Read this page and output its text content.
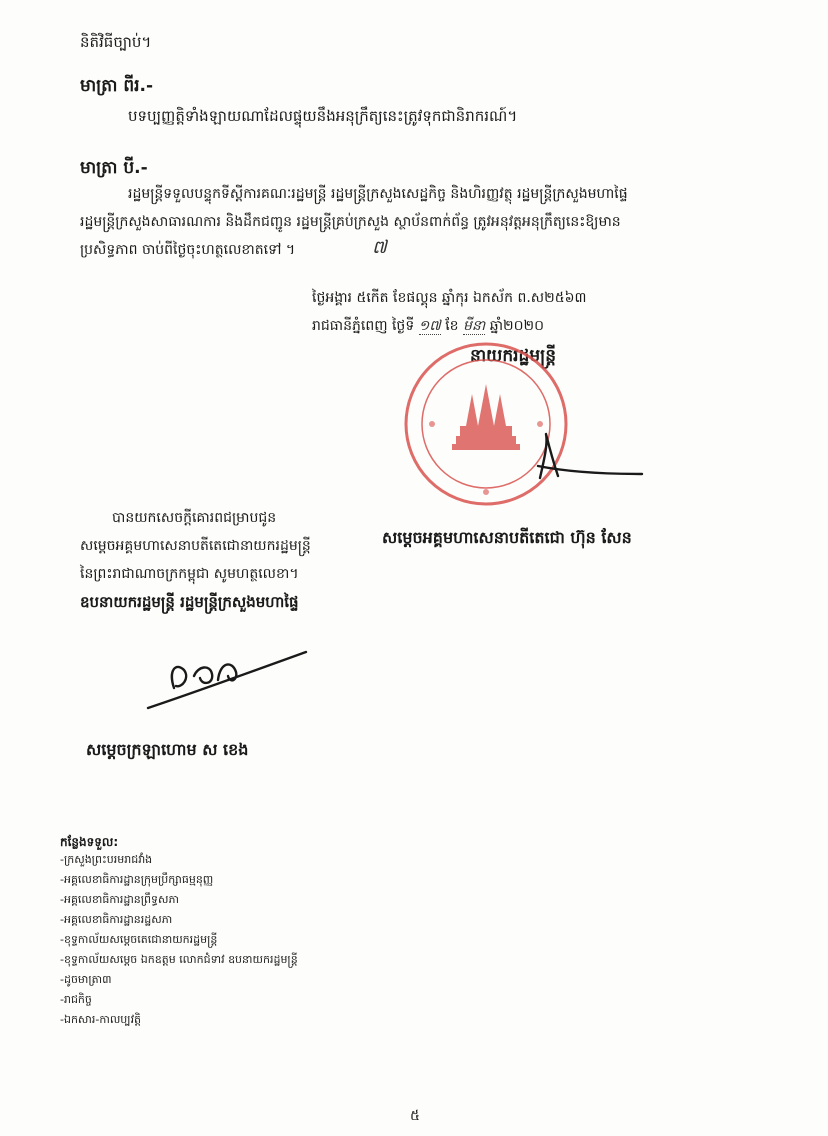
និតិវិធីច្បាប់។
មាត្រា ពីរ.-
បទប្បញ្ញត្តិទាំងឡាយណាដែលផ្ទុយនឹងអនុក្រឹត្យនេះត្រូវទុកជានិរាករណ៍។
មាត្រា បី.-
រដ្ឋមន្ត្រីទទួលបន្ទុកទីស្ដីការគណៈរដ្ឋមន្ត្រី រដ្ឋមន្ត្រីក្រសួងសេដ្ឋកិច្ច និងហិរញ្ញវត្ថុ រដ្ឋមន្ត្រីក្រសួងមហាផ្ទៃ
រដ្ឋមន្ត្រីក្រសួងសាធារណការ និងដឹកជញ្ជូន រដ្ឋមន្ត្រីគ្រប់ក្រសួង ស្ថាប័នពាក់ព័ន្ធ ត្រូវអនុវត្តអនុក្រឹត្យនេះឱ្យមាន
ប្រសិទ្ធភាព ចាប់ពីថ្ងៃចុះហត្ថលេខាតទៅ ។	៧
ថ្ងៃអង្គារ ៥កើត ខែផល្គុន ឆ្នាំកុរ ឯកស័ក ព.ស២៥៦៣
រាជធានីភ្នំពេញ ថ្ងៃទី ១៧ ខែ មីនា ឆ្នាំ២០២០
នាយករដ្ឋមន្ត្រី
សម្ដេចអគ្គមហាសេនាបតីតេជោ ហ៊ុន សែន
បានយកសេចក្ដីគោរពជម្រាបជូន
សម្ដេចអគ្គមហាសេនាបតីតេជោនាយករដ្ឋមន្ត្រី
នៃព្រះរាជាណាចក្រកម្ពុជា សូមហត្ថលេខា។
ឧបនាយករដ្ឋមន្ត្រី រដ្ឋមន្ត្រីក្រសួងមហាផ្ទៃ
សម្ដេចក្រឡាហោម ស ខេង
កន្លែងទទួល:
-ក្រសួងព្រះបរមរាជវាំង
-អគ្គលេខាធិការដ្ឋានក្រុមប្រឹក្សាធម្មនុញ្ញ
-អគ្គលេខាធិការដ្ឋានព្រឹទ្ធសភា
-អគ្គលេខាធិការដ្ឋានរដ្ឋសភា
-ខុទ្ទកាល័យសម្ដេចតេជោនាយករដ្ឋមន្ត្រី
-ខុទ្ទកាល័យសម្ដេច ឯកឧត្ដម លោកជំទាវ ឧបនាយករដ្ឋមន្ត្រី
-ដូចមាត្រា៣
-រាជកិច្ច
-ឯកសារ-កាលប្បវត្តិ
៥
